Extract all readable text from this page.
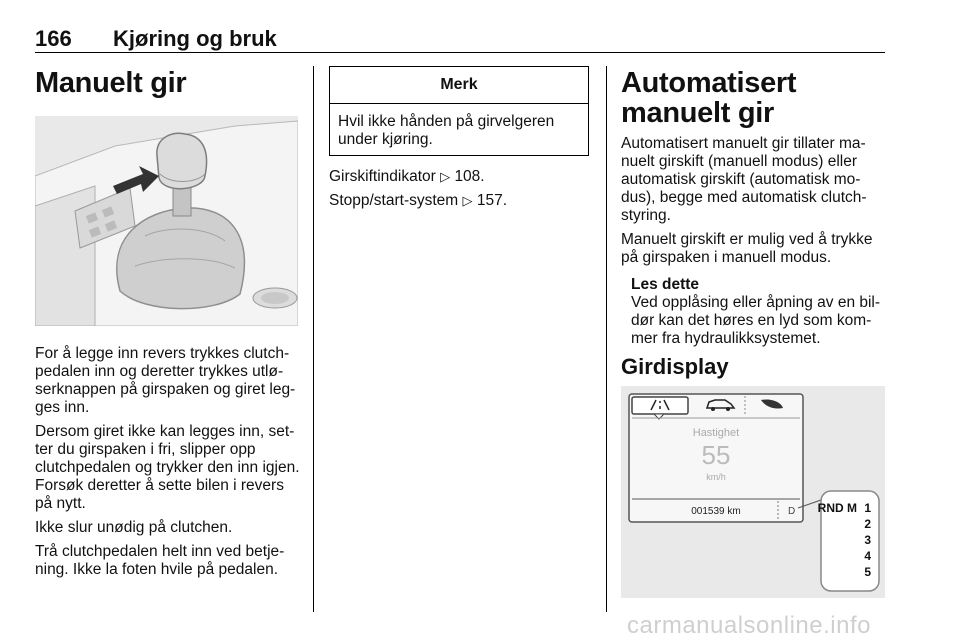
166 Kjøring og bruk
Manuelt gir

For å legge inn revers trykkes clutch-pedalen inn og deretter trykkes utlø-serknappen på girspaken og giret leg-ges inn.

Dersom giret ikke kan legges inn, set-ter du girspaken i fri, slipper opp clutchpedalen og trykker den inn igjen. Forsøk deretter å sette bilen i revers på nytt.

Ikke slur unødig på clutchen.

Trå clutchpedalen helt inn ved betje-ning. Ikke la foten hvile på pedalen.

Merk
Hvil ikke hånden på girvelgeren under kjøring.
Girskiftindikator ▷ 108.
Stopp/start-system ▷ 157.
Automatisert manuelt gir

Automatisert manuelt gir tillater ma-nuelt girskift (manuell modus) eller automatisk girskift (automatisk mo-dus), begge med automatisk clutch-styring.

Manuelt girskift er mulig ved å trykke på girspaken i manuell modus.

Les dette

Ved opplåsing eller åpning av en bil-dør kan det høres en lyd som kom-mer fra hydraulikksystemet.

Girdisplay
Hastighet
55
km/h
001539 km	D RND M 1
2
3
4
5
carmanualsonline.info
